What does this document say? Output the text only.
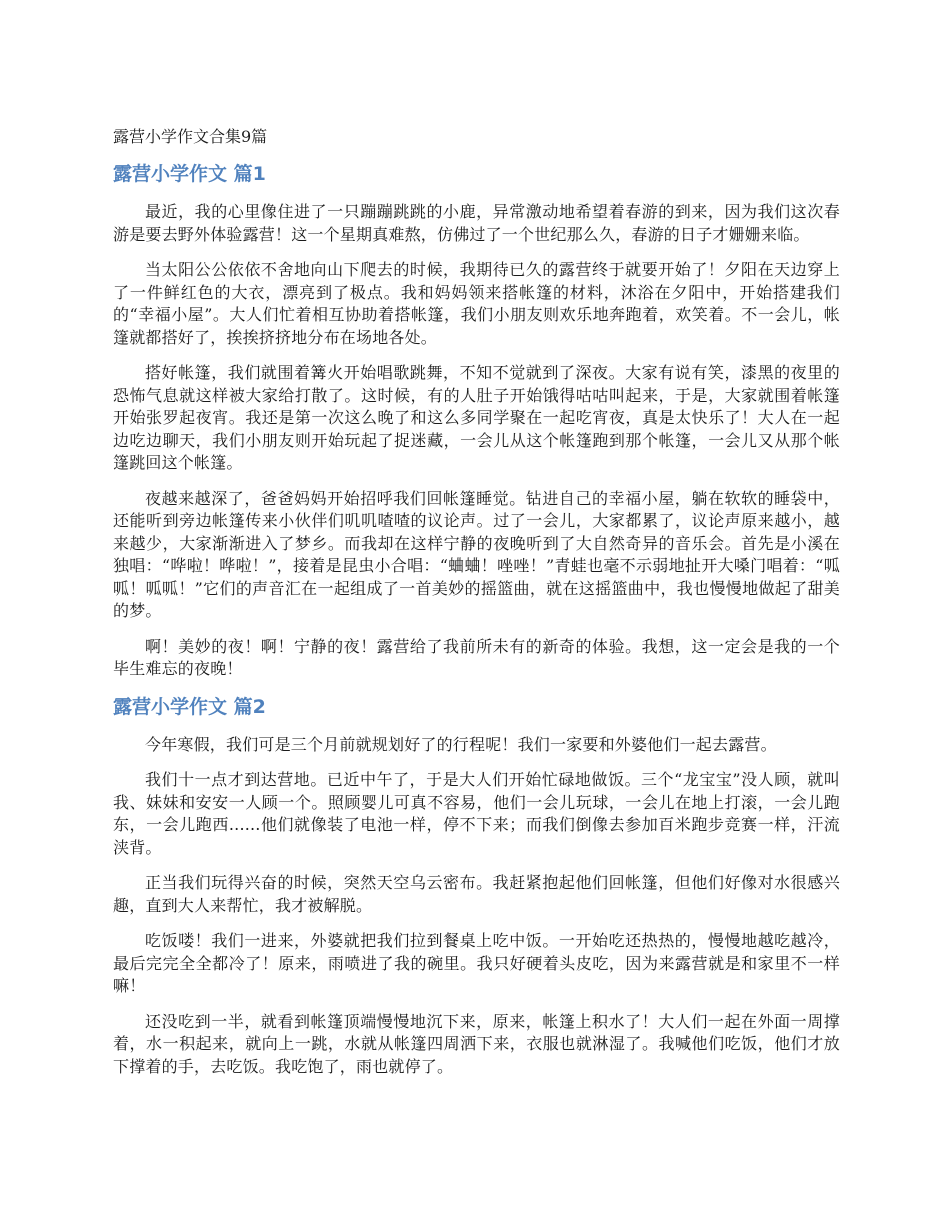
露营小学作文合集9篇
露营小学作文 篇1

最近，我的心里像住进了一只蹦蹦跳跳的小鹿，异常激动地希望着春游的到来，因为我们这次春游是要去野外体验露营！这一个星期真难熬，仿佛过了一个世纪那么久，春游的日子才姗姗来临。

当太阳公公依依不舍地向山下爬去的时候，我期待已久的露营终于就要开始了！夕阳在天边穿上了一件鲜红色的大衣，漂亮到了极点。我和妈妈领来搭帐篷的材料，沐浴在夕阳中，开始搭建我们的“幸福小屋”。大人们忙着相互协助着搭帐篷，我们小朋友则欢乐地奔跑着，欢笑着。不一会儿，帐篷就都搭好了，挨挨挤挤地分布在场地各处。

搭好帐篷，我们就围着篝火开始唱歌跳舞，不知不觉就到了深夜。大家有说有笑，漆黑的夜里的恐怖气息就这样被大家给打散了。这时候，有的人肚子开始饿得咕咕叫起来，于是，大家就围着帐篷开始张罗起夜宵。我还是第一次这么晚了和这么多同学聚在一起吃宵夜，真是太快乐了！大人在一起边吃边聊天，我们小朋友则开始玩起了捉迷藏，一会儿从这个帐篷跑到那个帐篷，一会儿又从那个帐篷跳回这个帐篷。

夜越来越深了，爸爸妈妈开始招呼我们回帐篷睡觉。钻进自己的幸福小屋，躺在软软的睡袋中，还能听到旁边帐篷传来小伙伴们叽叽喳喳的议论声。过了一会儿，大家都累了，议论声原来越小，越来越少，大家渐渐进入了梦乡。而我却在这样宁静的夜晚听到了大自然奇异的音乐会。首先是小溪在独唱：“哗啦！哗啦！”，接着是昆虫小合唱：“蛐蛐！唑唑！”青蛙也毫不示弱地扯开大嗓门唱着：“呱呱！呱呱！”它们的声音汇在一起组成了一首美妙的摇篮曲，就在这摇篮曲中，我也慢慢地做起了甜美的梦。

啊！美妙的夜！啊！宁静的夜！露营给了我前所未有的新奇的体验。我想，这一定会是我的一个毕生难忘的夜晚！

露营小学作文 篇2

今年寒假，我们可是三个月前就规划好了的行程呢！我们一家要和外婆他们一起去露营。

我们十一点才到达营地。已近中午了，于是大人们开始忙碌地做饭。三个“龙宝宝”没人顾，就叫我、妹妹和安安一人顾一个。照顾婴儿可真不容易，他们一会儿玩球，一会儿在地上打滚，一会儿跑东，一会儿跑西......他们就像装了电池一样，停不下来；而我们倒像去参加百米跑步竞赛一样，汗流浃背。

正当我们玩得兴奋的时候，突然天空乌云密布。我赶紧抱起他们回帐篷，但他们好像对水很感兴趣，直到大人来帮忙，我才被解脱。

吃饭喽！我们一进来，外婆就把我们拉到餐桌上吃中饭。一开始吃还热热的，慢慢地越吃越冷，最后完完全全都冷了！原来，雨喷进了我的碗里。我只好硬着头皮吃，因为来露营就是和家里不一样嘛！

还没吃到一半，就看到帐篷顶端慢慢地沉下来，原来，帐篷上积水了！大人们一起在外面一周撑着，水一积起来，就向上一跳，水就从帐篷四周洒下来，衣服也就淋湿了。我喊他们吃饭，他们才放下撑着的手，去吃饭。我吃饱了，雨也就停了。
